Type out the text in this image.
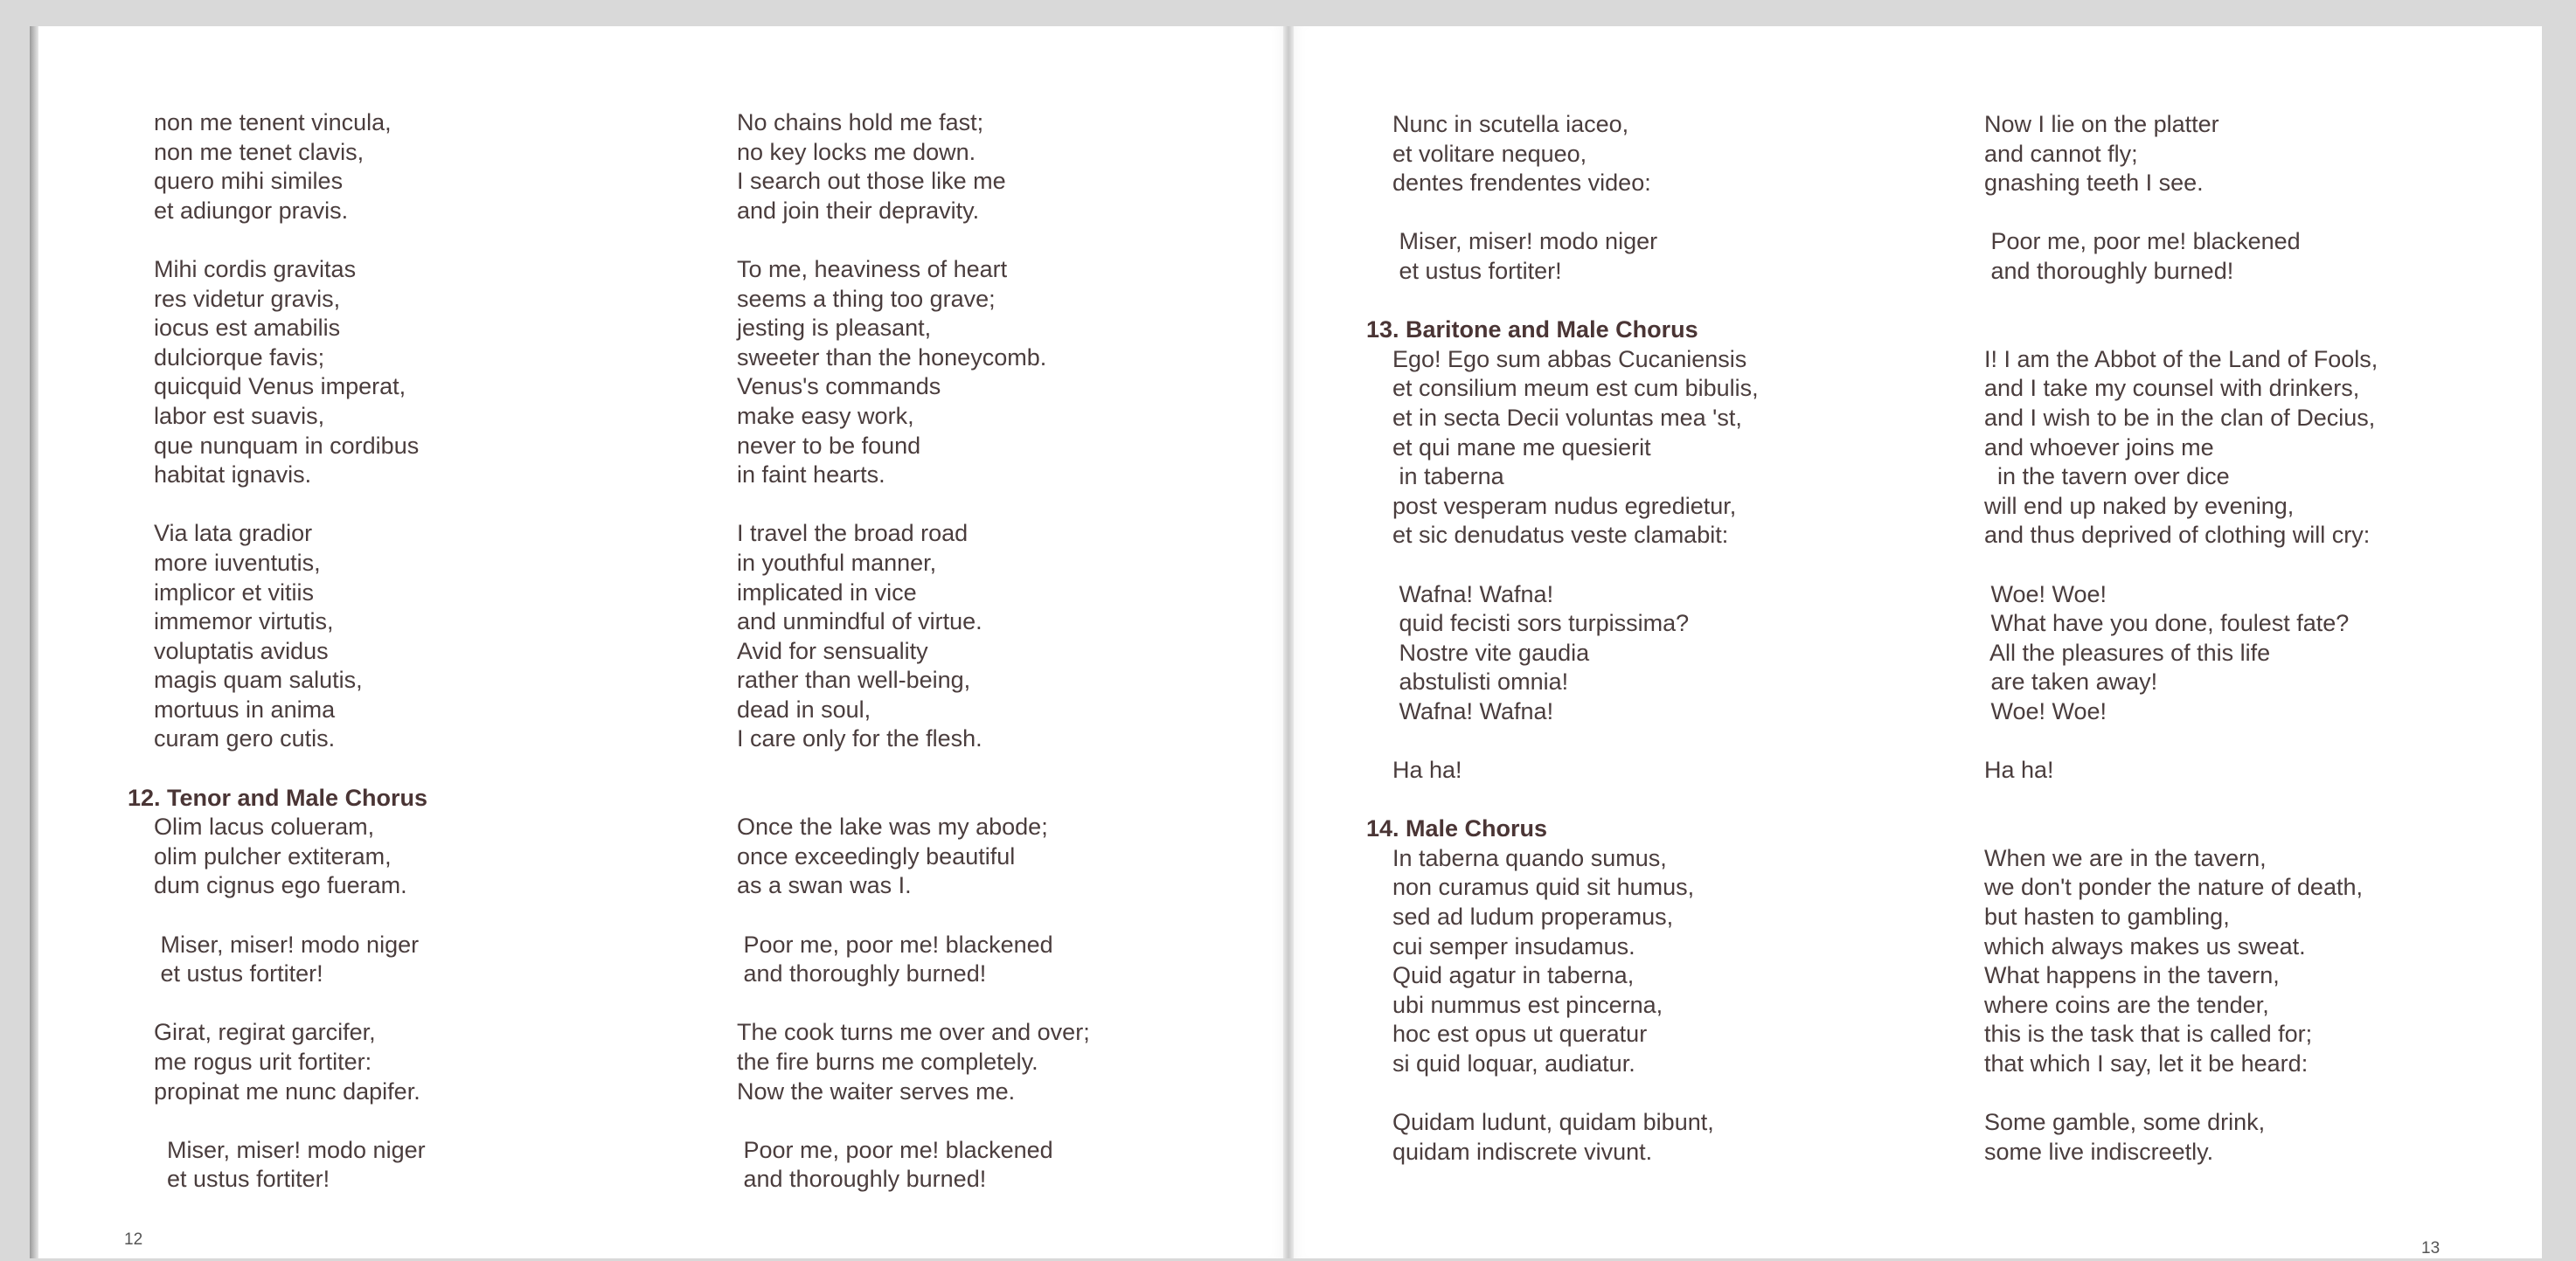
non me tenent vincula,
non me tenet clavis,
quero mihi similes
et adiungor pravis.
Mihi cordis gravitas
res videtur gravis,
iocus est amabilis
dulciorque favis;
quicquid Venus imperat,
labor est suavis,
que nunquam in cordibus
habitat ignavis.
Via lata gradior
more iuventutis,
implicor et vitiis
immemor virtutis,
voluptatis avidus
magis quam salutis,
mortuus in anima
curam gero cutis.
12. Tenor and Male Chorus
Olim lacus colueram,
olim pulcher extiteram,
dum cignus ego fueram.
Miser, miser! modo niger
et ustus fortiter!
Girat, regirat garcifer,
me rogus urit fortiter:
propinat me nunc dapifer.
Miser, miser! modo niger
et ustus fortiter!
No chains hold me fast;
no key locks me down.
I search out those like me
and join their depravity.
To me, heaviness of heart
seems a thing too grave;
jesting is pleasant,
sweeter than the honeycomb.
Venus's commands
make easy work,
never to be found
in faint hearts.
I travel the broad road
in youthful manner,
implicated in vice
and unmindful of virtue.
Avid for sensuality
rather than well-being,
dead in soul,
I care only for the flesh.
Once the lake was my abode;
once exceedingly beautiful
as a swan was I.
Poor me, poor me! blackened
and thoroughly burned!
The cook turns me over and over;
the fire burns me completely.
Now the waiter serves me.
Poor me, poor me! blackened
and thoroughly burned!
Nunc in scutella iaceo,
et volitare nequeo,
dentes frendentes video:
Miser, miser! modo niger
et ustus fortiter!
13. Baritone and Male Chorus
Ego! Ego sum abbas Cucaniensis
et consilium meum est cum bibulis,
et in secta Decii voluntas mea 'st,
et qui mane me quesierit
in taberna
post vesperam nudus egredietur,
et sic denudatus veste clamabit:
Wafna! Wafna!
quid fecisti sors turpissima?
Nostre vite gaudia
abstulisti omnia!
Wafna! Wafna!
Ha ha!
14. Male Chorus
In taberna quando sumus,
non curamus quid sit humus,
sed ad ludum properamus,
cui semper insudamus.
Quid agatur in taberna,
ubi nummus est pincerna,
hoc est opus ut queratur
si quid loquar, audiatur.
Quidam ludunt, quidam bibunt,
quidam indiscrete vivunt.
Now I lie on the platter
and cannot fly;
gnashing teeth I see.
Poor me, poor me! blackened
and thoroughly burned!
I! I am the Abbot of the Land of Fools,
and I take my counsel with drinkers,
and I wish to be in the clan of Decius,
and whoever joins me
in the tavern over dice
will end up naked by evening,
and thus deprived of clothing will cry:
Woe! Woe!
What have you done, foulest fate?
All the pleasures of this life
are taken away!
Woe! Woe!
Ha ha!
When we are in the tavern,
we don't ponder the nature of death,
but hasten to gambling,
which always makes us sweat.
What happens in the tavern,
where coins are the tender,
this is the task that is called for;
that which I say, let it be heard:
Some gamble, some drink,
some live indiscreetly.
12	13
